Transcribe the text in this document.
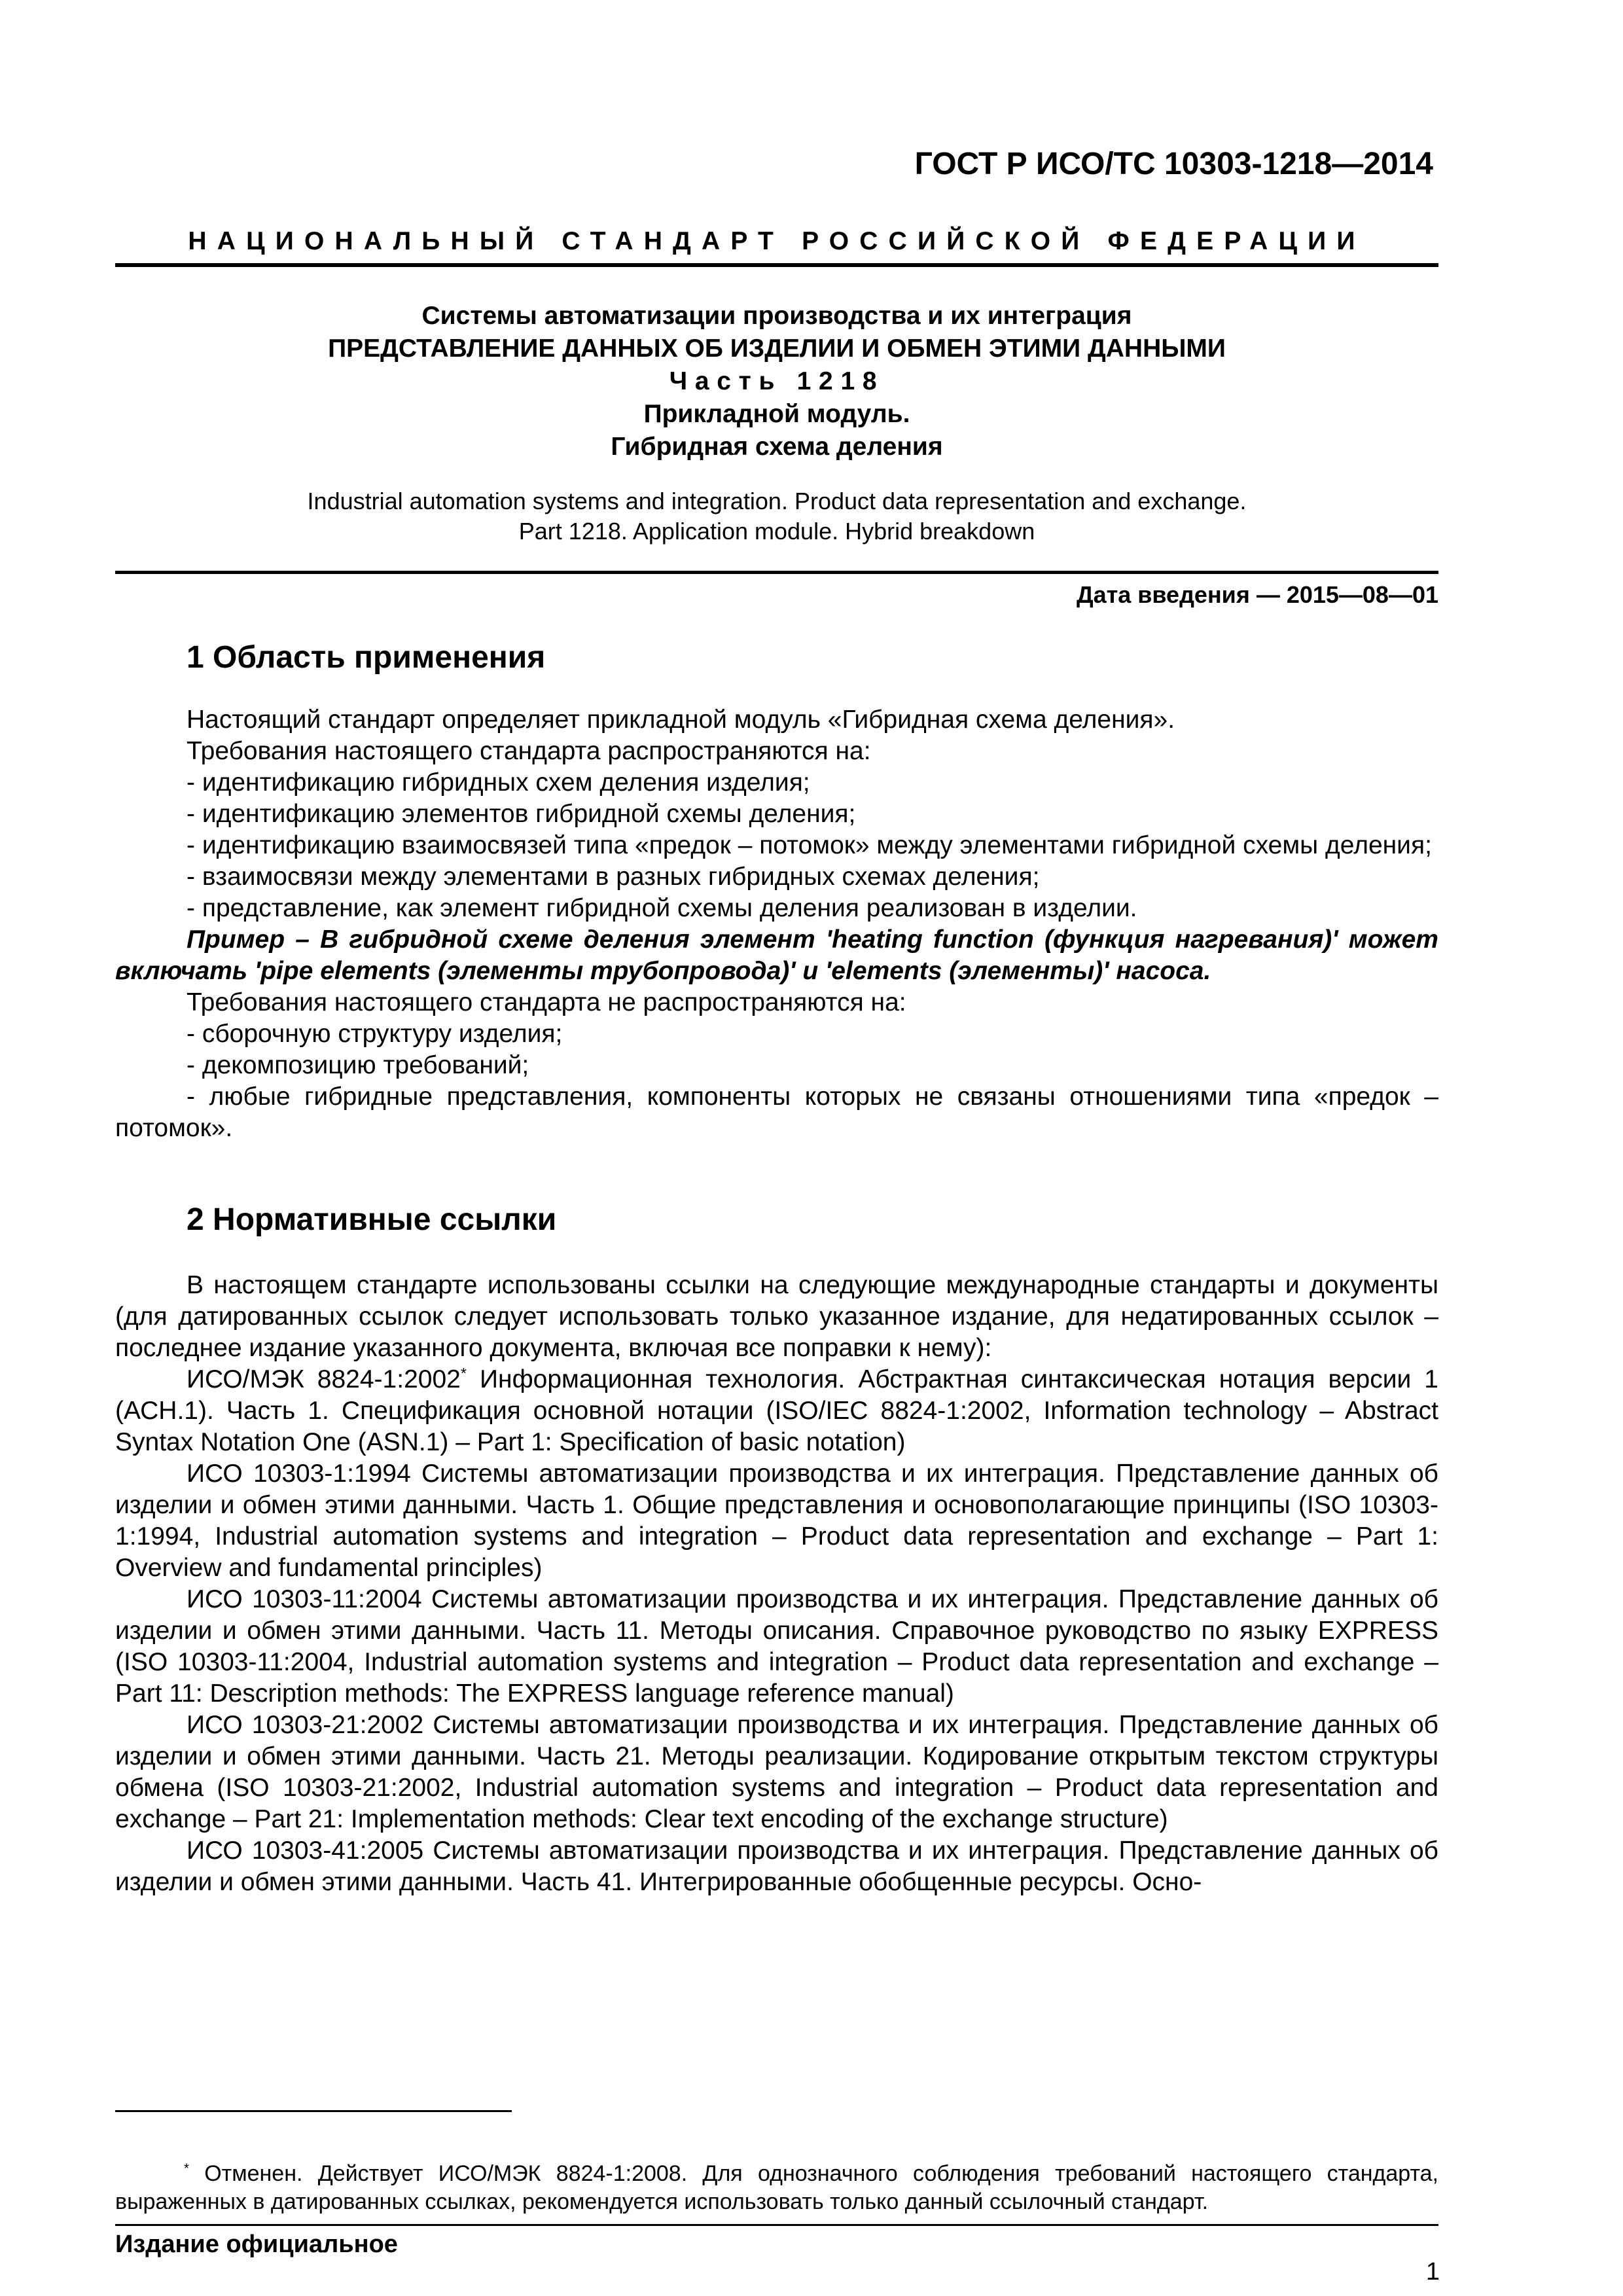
ГОСТ Р ИСО/ТС 10303-1218—2014
НАЦИОНАЛЬНЫЙ СТАНДАРТ РОССИЙСКОЙ ФЕДЕРАЦИИ
Системы автоматизации производства и их интеграция
ПРЕДСТАВЛЕНИЕ ДАННЫХ ОБ ИЗДЕЛИИ И ОБМЕН ЭТИМИ ДАННЫМИ
Часть 1218
Прикладной модуль.
Гибридная схема деления
Industrial automation systems and integration. Product data representation and exchange.
Part 1218. Application module. Hybrid breakdown
Дата введения — 2015—08—01
1 Область применения

Настоящий стандарт определяет прикладной модуль «Гибридная схема деления».

Требования настоящего стандарта распространяются на:

- идентификацию гибридных схем деления изделия;

- идентификацию элементов гибридной схемы деления;

- идентификацию взаимосвязей типа «предок – потомок» между элементами гибридной схемы деления;

- взаимосвязи между элементами в разных гибридных схемах деления;

- представление, как элемент гибридной схемы деления реализован в изделии.

Пример – В гибридной схеме деления элемент 'heating function (функция нагревания)' может включать 'pipe elements (элементы трубопровода)' и 'elements (элементы)' насоса.

Требования настоящего стандарта не распространяются на:

- сборочную структуру изделия;

- декомпозицию требований;

- любые гибридные представления, компоненты которых не связаны отношениями типа «предок – потомок».

2 Нормативные ссылки

В настоящем стандарте использованы ссылки на следующие международные стандарты и документы (для датированных ссылок следует использовать только указанное издание, для недатированных ссылок – последнее издание указанного документа, включая все поправки к нему):

ИСО/МЭК 8824-1:2002* Информационная технология. Абстрактная синтаксическая нотация версии 1 (АСН.1). Часть 1. Спецификация основной нотации (ISO/IEC 8824-1:2002, Information technology – Abstract Syntax Notation One (ASN.1) – Part 1: Specification of basic notation)

ИСО 10303-1:1994 Системы автоматизации производства и их интеграция. Представление данных об изделии и обмен этими данными. Часть 1. Общие представления и основополагающие принципы (ISO 10303-1:1994, Industrial automation systems and integration – Product data representation and exchange – Part 1: Overview and fundamental principles)

ИСО 10303-11:2004 Системы автоматизации производства и их интеграция. Представление данных об изделии и обмен этими данными. Часть 11. Методы описания. Справочное руководство по языку EXPRESS (ISO 10303-11:2004, Industrial automation systems and integration – Product data representation and exchange – Part 11: Description methods: The EXPRESS language reference manual)

ИСО 10303-21:2002 Системы автоматизации производства и их интеграция. Представление данных об изделии и обмен этими данными. Часть 21. Методы реализации. Кодирование открытым текстом структуры обмена (ISO 10303-21:2002, Industrial automation systems and integration – Product data representation and exchange – Part 21: Implementation methods: Clear text encoding of the exchange structure)

ИСО 10303-41:2005 Системы автоматизации производства и их интеграция. Представление данных об изделии и обмен этими данными. Часть 41. Интегрированные обобщенные ресурсы. Осно-

* Отменен. Действует ИСО/МЭК 8824-1:2008. Для однозначного соблюдения требований настоящего стандарта, выраженных в датированных ссылках, рекомендуется использовать только данный ссылочный стандарт.

Издание официальное
1
